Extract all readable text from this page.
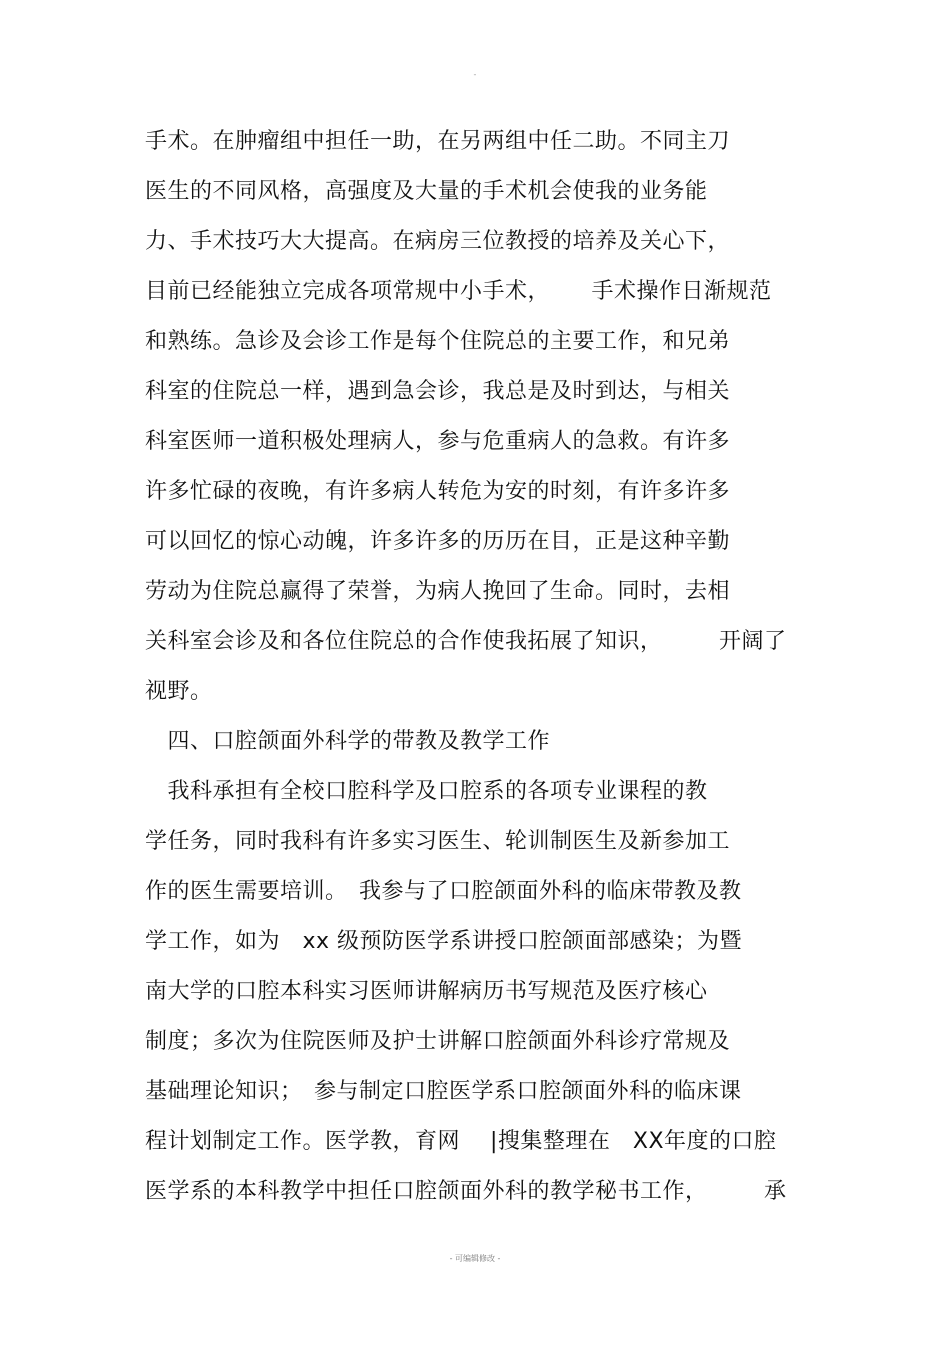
-
手术。在肿瘤组中担任一助，在另两组中任二助。不同主刀
医生的不同风格，高强度及大量的手术机会使我的业务能
力、手术技巧大大提高。在病房三位教授的培养及关心下，
目前已经能独立完成各项常规中小手术，　　 手术操作日渐规范
和熟练。急诊及会诊工作是每个住院总的主要工作，和兄弟
科室的住院总一样，遇到急会诊，我总是及时到达，与相关
科室医师一道积极处理病人，参与危重病人的急救。有许多
许多忙碌的夜晚，有许多病人转危为安的时刻，有许多许多
可以回忆的惊心动魄，许多许多的历历在目，正是这种辛勤
劳动为住院总赢得了荣誉，为病人挽回了生命。同时，去相
关科室会诊及和各位住院总的合作使我拓展了知识，　　　开阔了
视野。
　四、口腔颌面外科学的带教及教学工作
　我科承担有全校口腔科学及口腔系的各项专业课程的教
学任务，同时我科有许多实习医生、轮训制医生及新参加工
作的医生需要培训。　我参与了口腔颌面外科的临床带教及教
学工作，如为　xx 级预防医学系讲授口腔颌面部感染；为暨
南大学的口腔本科实习医师讲解病历书写规范及医疗核心
制度；多次为住院医师及护士讲解口腔颌面外科诊疗常规及
基础理论知识；　参与制定口腔医学系口腔颌面外科的临床课
程计划制定工作。医学教，育网　 |搜集整理在　XX年度的口腔
医学系的本科教学中担任口腔颌面外科的教学秘书工作，　　　承
- 可编辑修改 -
